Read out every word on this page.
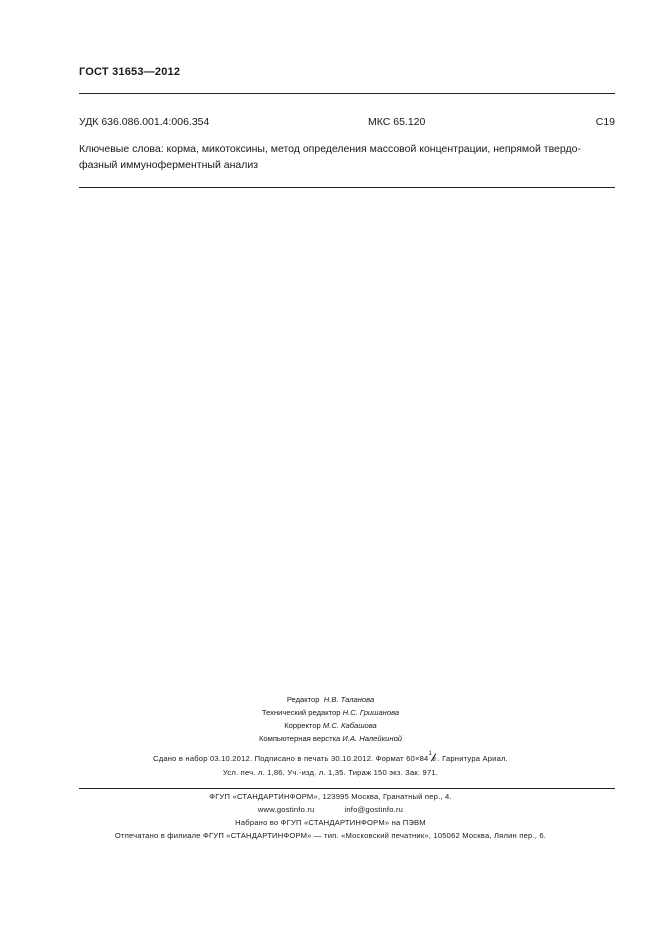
ГОСТ 31653—2012
УДК 636.086.001.4:006.354	МКС 65.120	С19
Ключевые слова: корма, микотоксины, метод определения массовой концентрации, непрямой твердо-
фазный иммуноферментный анализ
Редактор Н.В. Таланова
Технический редактор Н.С. Гришанова
Корректор М.С. Кабашова
Компьютерная верстка И.А. Налейкиной
Сдано в набор 03.10.2012. Подписано в печать 30.10.2012. Формат 60×84 1
8 . Гарнитура Ариал.
Усл. печ. л. 1,86. Уч.-изд. л. 1,35. Тираж 150 экз. Зак. 971.
ФГУП «СТАНДАРТИНФОРМ», 123995 Москва, Гранатный пер., 4.
www.gostinfo.ru	info@gostinfo.ru
Набрано во ФГУП «СТАНДАРТИНФОРМ» на ПЭВМ
Отпечатано в филиале ФГУП «СТАНДАРТИНФОРМ» — тип. «Московский печатник», 105062 Москва, Лялин пер., 6.
